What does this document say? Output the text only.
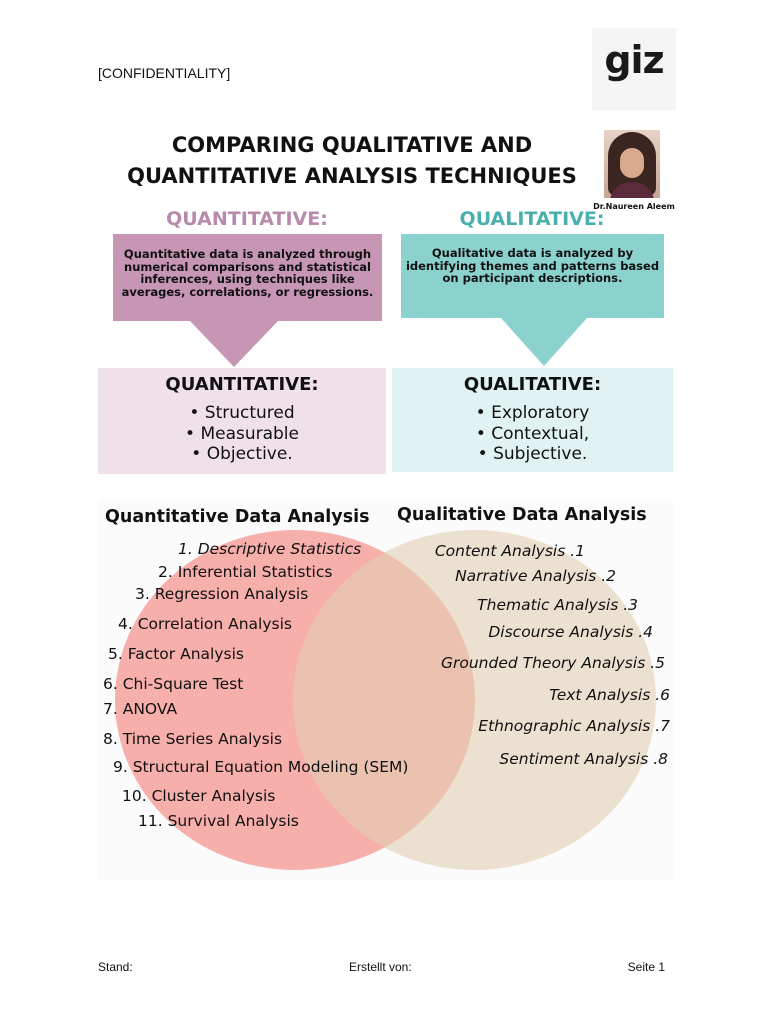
[CONFIDENTIALITY]	giz
COMPARING QUALITATIVE AND
QUANTITATIVE ANALYSIS TECHNIQUES
Dr.Naureen Aleem
QUANTITATIVE:	QUALITATIVE:
Quantitative data is analyzed through numerical comparisons and statistical inferences, using techniques like averages, correlations, or regressions.
Qualitative data is analyzed by identifying themes and patterns based on participant descriptions.
QUANTITATIVE:
• Structured
• Measurable
• Objective.
QUALITATIVE:
• Exploratory
• Contextual,
• Subjective.
Quantitative Data Analysis Qualitative Data Analysis
1. Descriptive Statistics
2. Inferential Statistics
3. Regression Analysis
4. Correlation Analysis
5. Factor Analysis
6. Chi-Square Test
7. ANOVA
8. Time Series Analysis
9. Structural Equation Modeling (SEM)
10. Cluster Analysis
11. Survival Analysis
Content Analysis .1
Narrative Analysis .2
Thematic Analysis .3
Discourse Analysis .4
Grounded Theory Analysis .5
Text Analysis .6
Ethnographic Analysis .7
Sentiment Analysis .8
Stand:	Erstellt von:	Seite 1
